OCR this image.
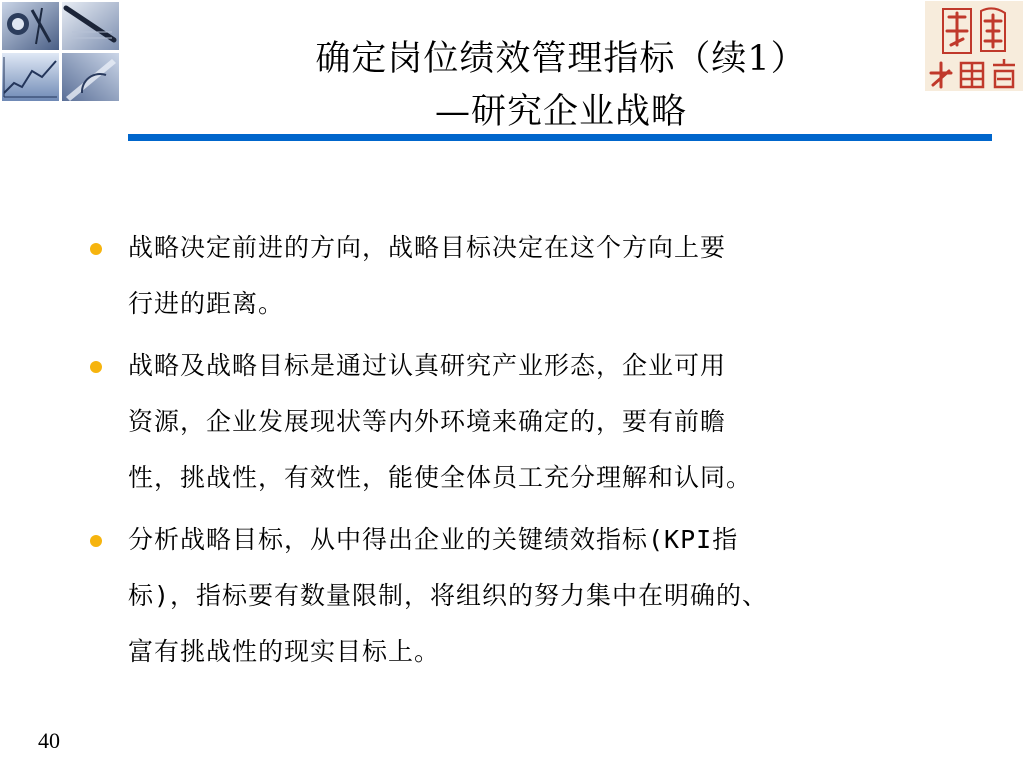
确定岗位绩效管理指标（续1）
—研究企业战略
战略决定前进的方向，战略目标决定在这个方向上要
行进的距离。
战略及战略目标是通过认真研究产业形态，企业可用
资源，企业发展现状等内外环境来确定的，要有前瞻
性，挑战性，有效性，能使全体员工充分理解和认同。
分析战略目标，从中得出企业的关键绩效指标(KPI指
标)，指标要有数量限制，将组织的努力集中在明确的、
富有挑战性的现实目标上。
40
